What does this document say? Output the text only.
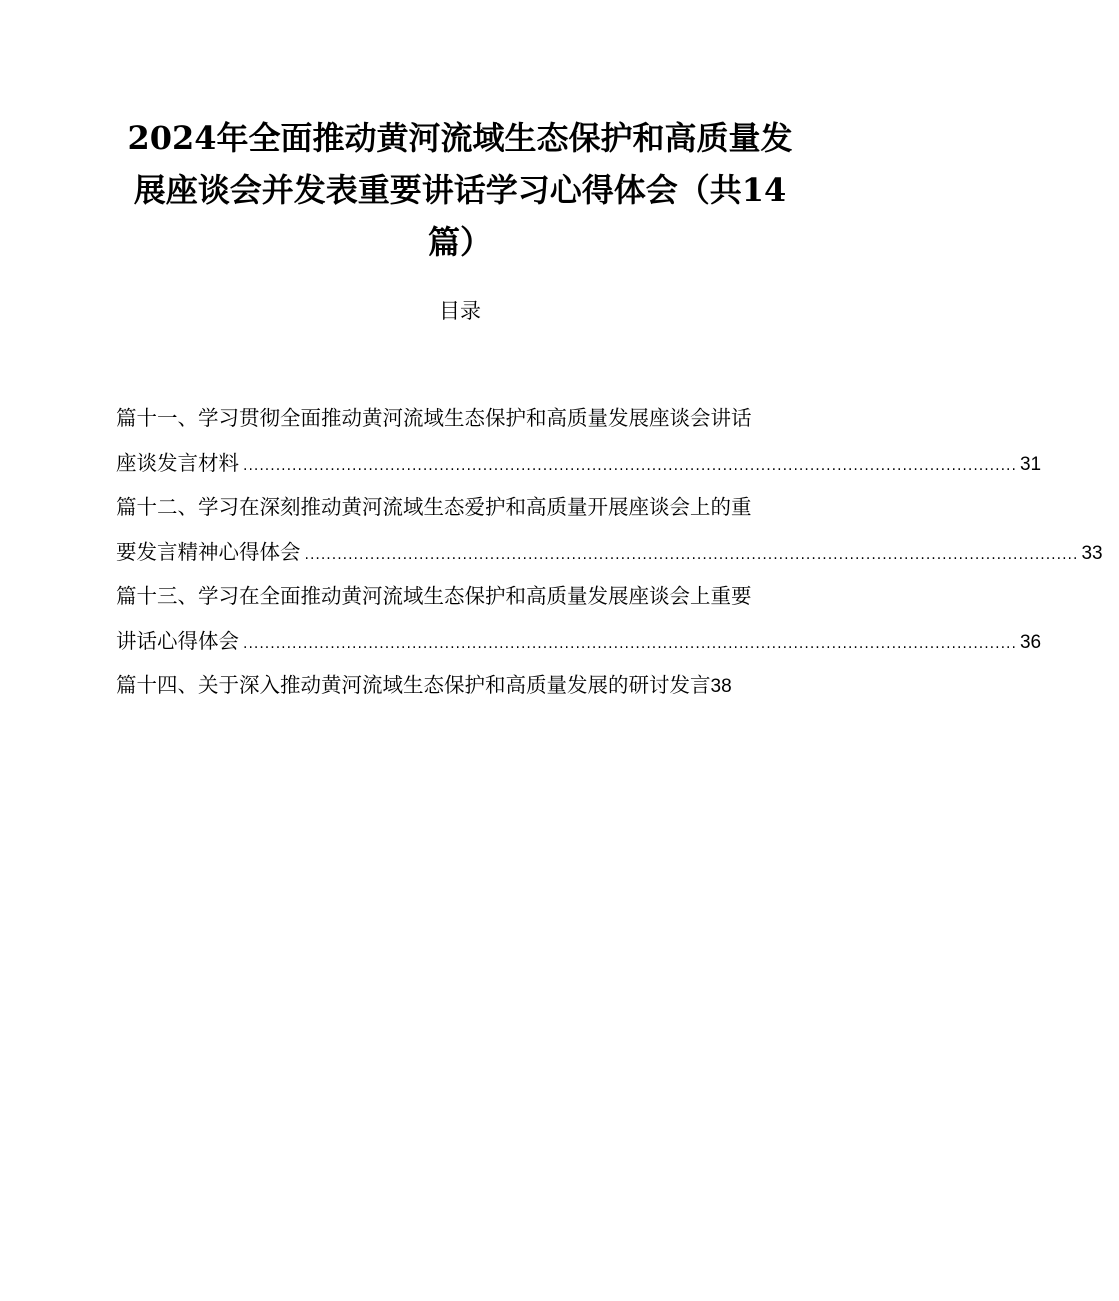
2024年全面推动黄河流域生态保护和高质量发
展座谈会并发表重要讲话学习心得体会（共14
篇）
目录
篇十一、学习贯彻全面推动黄河流域生态保护和高质量发展座谈会讲话
座谈发言材料 .............................................................................................................................................. 31
篇十二、学习在深刻推动黄河流域生态爱护和高质量开展座谈会上的重
要发言精神心得体会 .............................................................................................................................................. 33
篇十三、学习在全面推动黄河流域生态保护和高质量发展座谈会上重要
讲话心得体会 .............................................................................................................................................. 36
篇十四、关于深入推动黄河流域生态保护和高质量发展的研讨发言 38
